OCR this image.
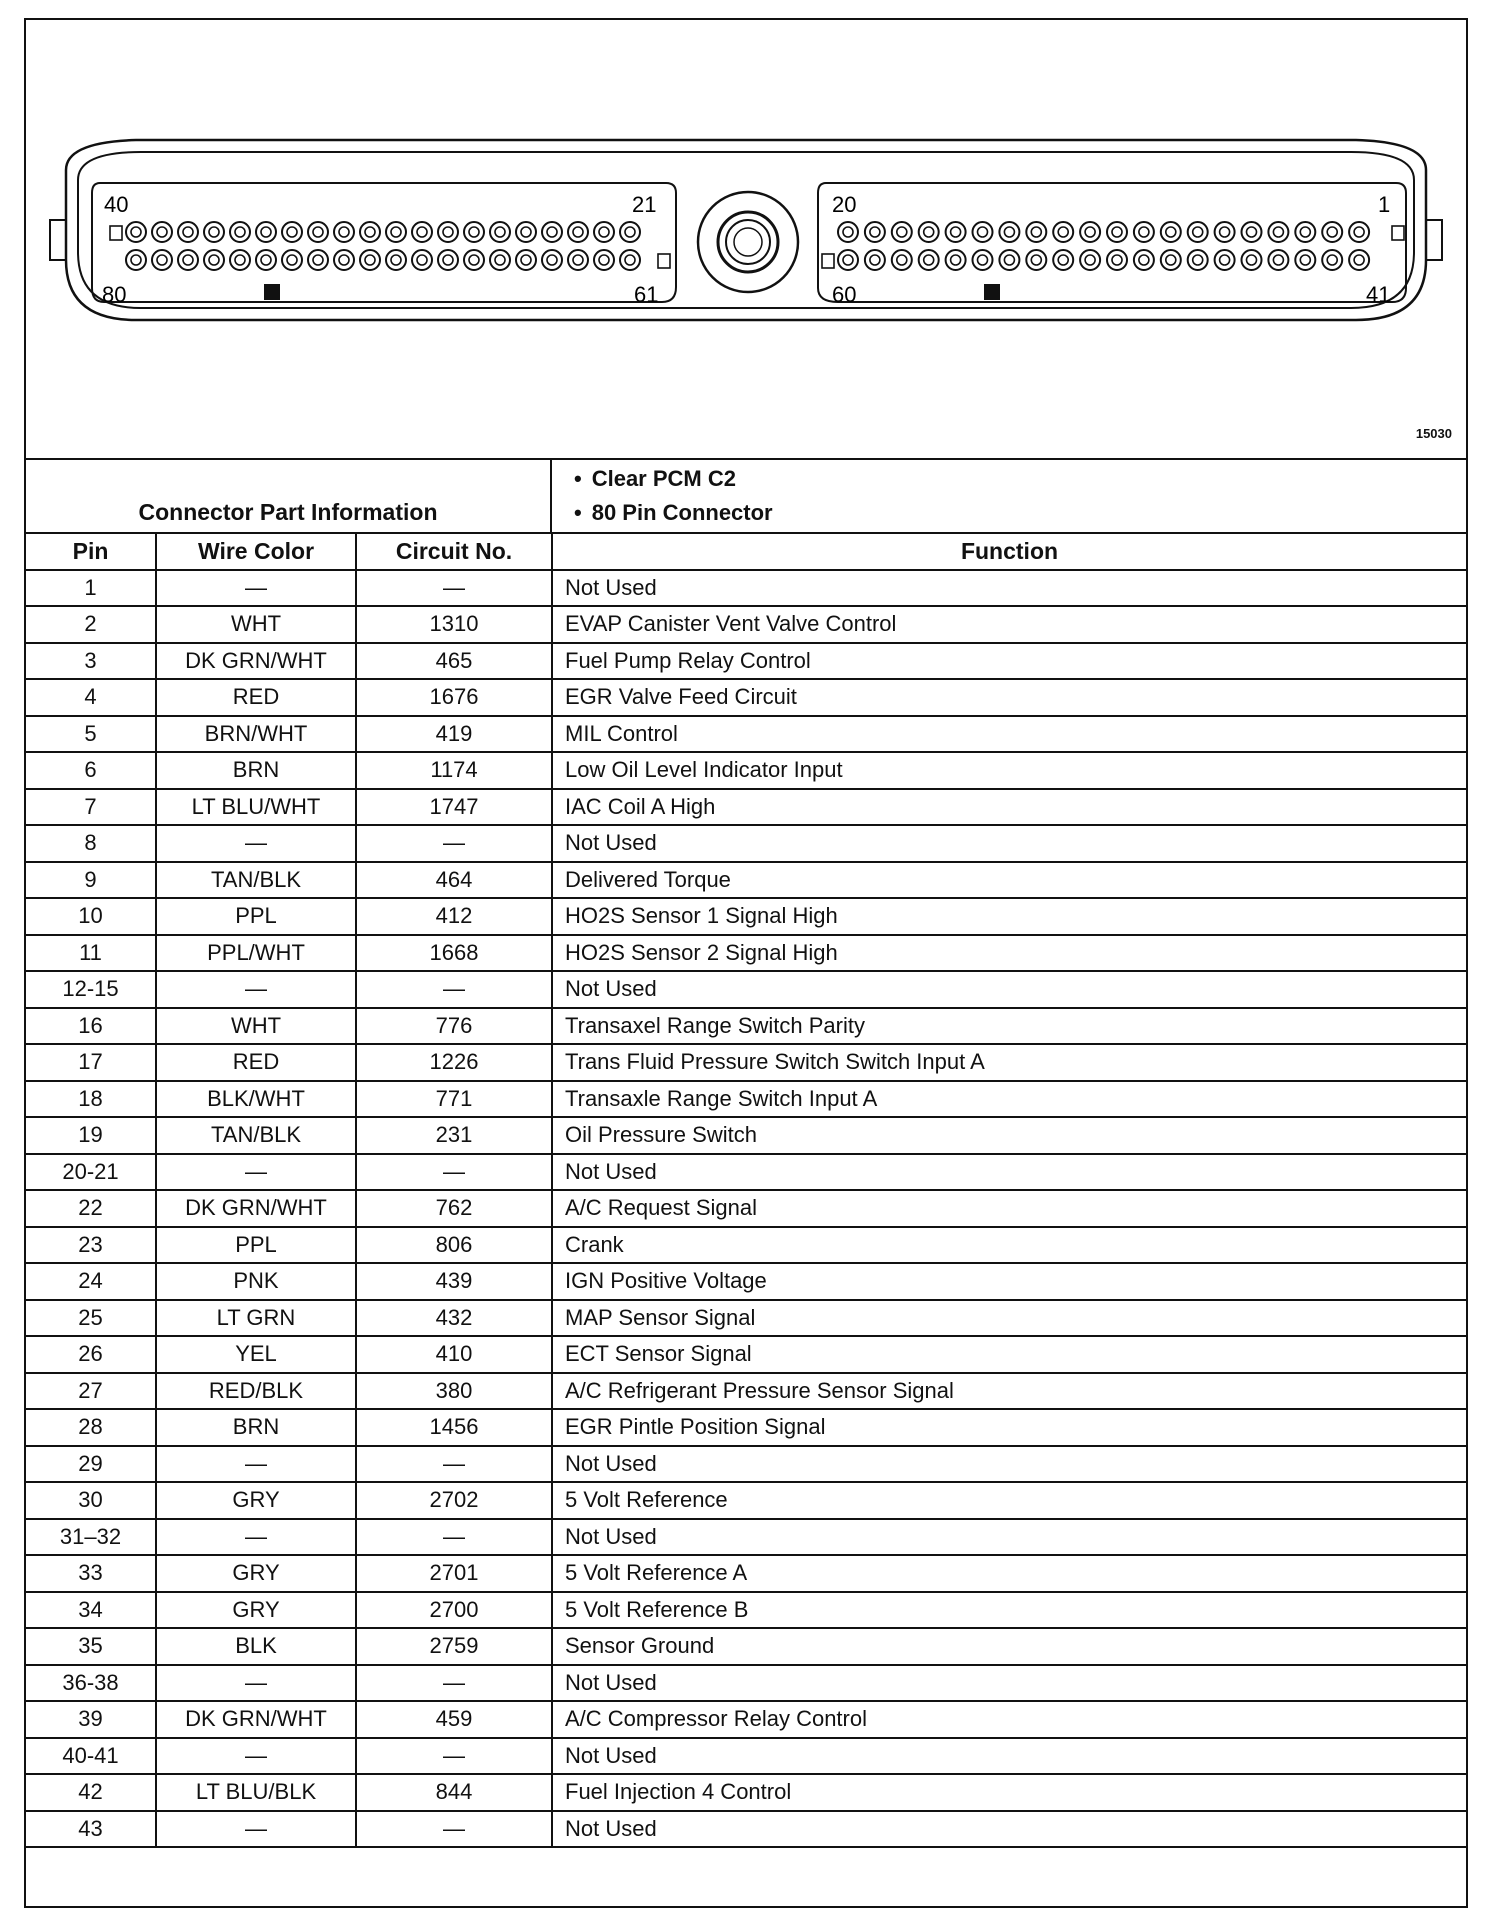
40	21	20	1
80	61	60	41
15030
Connector Part Information
• Clear PCM C2
• 80 Pin Connector
Pin	Wire Color	Circuit No.	Function
1	—	—	Not Used
2	WHT	1310	EVAP Canister Vent Valve Control
3	DK GRN/WHT	465	Fuel Pump Relay Control
4	RED	1676	EGR Valve Feed Circuit
5	BRN/WHT	419	MIL Control
6	BRN	1174	Low Oil Level Indicator Input
7	LT BLU/WHT	1747	IAC Coil A High
8	—	—	Not Used
9	TAN/BLK	464	Delivered Torque
10	PPL	412	HO2S Sensor 1 Signal High
11	PPL/WHT	1668	HO2S Sensor 2 Signal High
12-15	—	—	Not Used
16	WHT	776	Transaxel Range Switch Parity
17	RED	1226	Trans Fluid Pressure Switch Switch Input A
18	BLK/WHT	771	Transaxle Range Switch Input A
19	TAN/BLK	231	Oil Pressure Switch
20-21	—	—	Not Used
22	DK GRN/WHT	762	A/C Request Signal
23	PPL	806	Crank
24	PNK	439	IGN Positive Voltage
25	LT GRN	432	MAP Sensor Signal
26	YEL	410	ECT Sensor Signal
27	RED/BLK	380	A/C Refrigerant Pressure Sensor Signal
28	BRN	1456	EGR Pintle Position Signal
29	—	—	Not Used
30	GRY	2702	5 Volt Reference
31–32	—	—	Not Used
33	GRY	2701	5 Volt Reference A
34	GRY	2700	5 Volt Reference B
35	BLK	2759	Sensor Ground
36-38	—	—	Not Used
39	DK GRN/WHT	459	A/C Compressor Relay Control
40-41	—	—	Not Used
42	LT BLU/BLK	844	Fuel Injection 4 Control
43	—	—	Not Used
